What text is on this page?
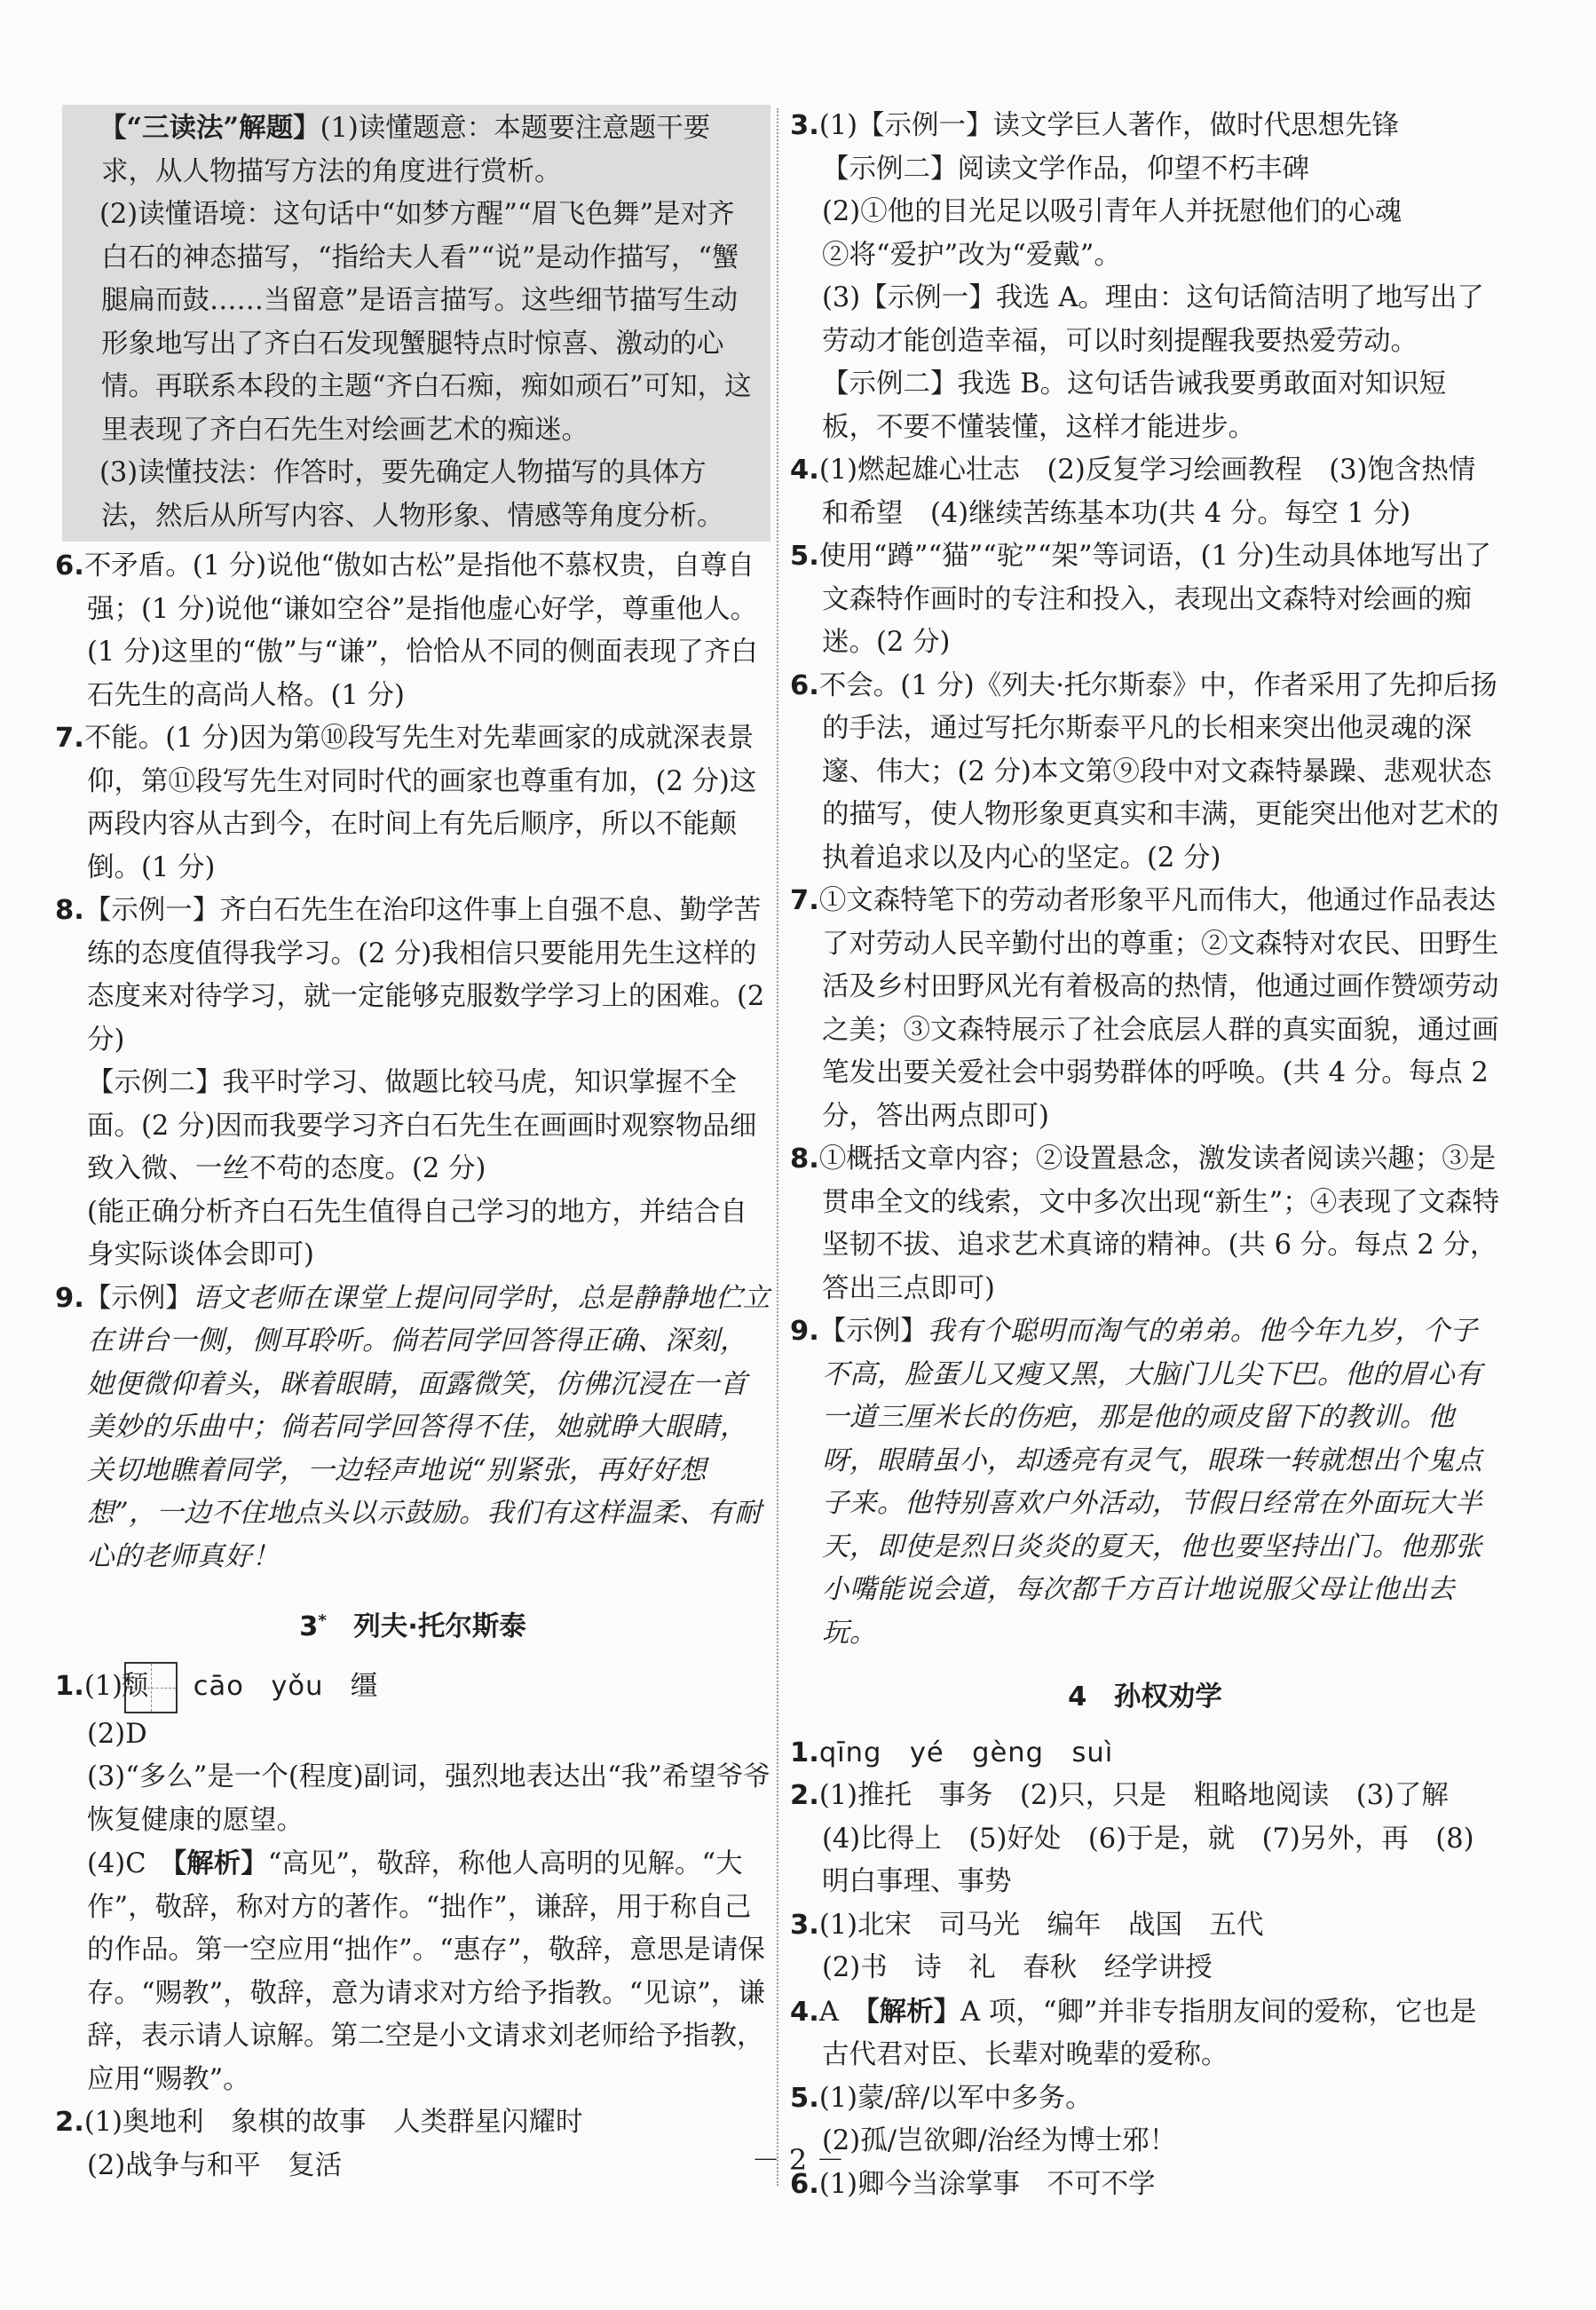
【“三读法”解题】(1)读懂题意：本题要注意题干要求，从人物描写方法的角度进行赏析。

(2)读懂语境：这句话中“如梦方醒”“眉飞色舞”是对齐白石的神态描写，“指给夫人看”“说”是动作描写，“蟹腿扁而鼓……当留意”是语言描写。这些细节描写生动形象地写出了齐白石发现蟹腿特点时惊喜、激动的心情。再联系本段的主题“齐白石痴，痴如顽石”可知，这里表现了齐白石先生对绘画艺术的痴迷。

(3)读懂技法：作答时，要先确定人物描写的具体方法，然后从所写内容、人物形象、情感等角度分析。

6.不矛盾。(1 分)说他“傲如古松”是指他不慕权贵，自尊自强；(1 分)说他“谦如空谷”是指他虚心好学，尊重他人。(1 分)这里的“傲”与“谦”，恰恰从不同的侧面表现了齐白石先生的高尚人格。(1 分)

7.不能。(1 分)因为第⑩段写先生对先辈画家的成就深表景仰，第⑪段写先生对同时代的画家也尊重有加，(2 分)这两段内容从古到今，在时间上有先后顺序，所以不能颠倒。(1 分)

8.【示例一】齐白石先生在治印这件事上自强不息、勤学苦练的态度值得我学习。(2 分)我相信只要能用先生这样的态度来对待学习，就一定能够克服数学学习上的困难。(2 分)

【示例二】我平时学习、做题比较马虎，知识掌握不全面。(2 分)因而我要学习齐白石先生在画画时观察物品细致入微、一丝不苟的态度。(2 分)

(能正确分析齐白石先生值得自己学习的地方，并结合自身实际谈体会即可)

9.【示例】语文老师在课堂上提问同学时，总是静静地伫立在讲台一侧，侧耳聆听。倘若同学回答得正确、深刻，她便微仰着头，眯着眼睛，面露微笑，仿佛沉浸在一首美妙的乐曲中；倘若同学回答得不佳，她就睁大眼睛，关切地瞧着同学，一边轻声地说“别紧张，再好好想想”，一边不住地点头以示鼓励。我们有这样温柔、有耐心的老师真好！

3*　 列夫·托尔斯泰

1.(1)颓 cāo　 yǒu　 缰

(2)D

(3)“多么”是一个(程度)副词，强烈地表达出“我”希望爷爷恢复健康的愿望。

(4)C　 【解析】“高见”，敬辞，称他人高明的见解。“大作”，敬辞，称对方的著作。“拙作”，谦辞，用于称自己的作品。第一空应用“拙作”。“惠存”，敬辞，意思是请保存。“赐教”，敬辞，意为请求对方给予指教。“见谅”，谦辞，表示请人谅解。第二空是小文请求刘老师给予指教，应用“赐教”。

2.(1)奥地利　象棋的故事　人类群星闪耀时

(2)战争与和平　复活

3.(1)【示例一】读文学巨人著作，做时代思想先锋

【示例二】阅读文学作品，仰望不朽丰碑

(2)①他的目光足以吸引青年人并抚慰他们的心魂

②将“爱护”改为“爱戴”。

(3)【示例一】我选 A。理由：这句话简洁明了地写出了劳动才能创造幸福，可以时刻提醒我要热爱劳动。

【示例二】我选 B。这句话告诫我要勇敢面对知识短板，不要不懂装懂，这样才能进步。

4.(1)燃起雄心壮志　(2)反复学习绘画教程　(3)饱含热情和希望　(4)继续苦练基本功(共 4 分。每空 1 分)

5.使用“蹲”“猫”“驼”“架”等词语，(1 分)生动具体地写出了文森特作画时的专注和投入，表现出文森特对绘画的痴迷。(2 分)

6.不会。(1 分)《列夫·托尔斯泰》中，作者采用了先抑后扬的手法，通过写托尔斯泰平凡的长相来突出他灵魂的深邃、伟大；(2 分)本文第⑨段中对文森特暴躁、悲观状态的描写，使人物形象更真实和丰满，更能突出他对艺术的执着追求以及内心的坚定。(2 分)

7.①文森特笔下的劳动者形象平凡而伟大，他通过作品表达了对劳动人民辛勤付出的尊重；②文森特对农民、田野生活及乡村田野风光有着极高的热情，他通过画作赞颂劳动之美；③文森特展示了社会底层人群的真实面貌，通过画笔发出要关爱社会中弱势群体的呼唤。(共 4 分。每点 2 分，答出两点即可)

8.①概括文章内容；②设置悬念，激发读者阅读兴趣；③是贯串全文的线索，文中多次出现“新生”；④表现了文森特坚韧不拔、追求艺术真谛的精神。(共 6 分。每点 2 分，答出三点即可)

9.【示例】我有个聪明而淘气的弟弟。他今年九岁，个子不高，脸蛋儿又瘦又黑，大脑门儿尖下巴。他的眉心有一道三厘米长的伤疤，那是他的顽皮留下的教训。他呀，眼睛虽小，却透亮有灵气，眼珠一转就想出个鬼点子来。他特别喜欢户外活动，节假日经常在外面玩大半天，即使是烈日炎炎的夏天，他也要坚持出门。他那张小嘴能说会道，每次都千方百计地说服父母让他出去玩。

4　 孙权劝学

1.qīng　yé　gèng　suì

2.(1)推托　事务　(2)只，只是　粗略地阅读　(3)了解　(4)比得上　(5)好处　(6)于是，就　(7)另外，再　(8)明白事理、事势

3.(1)北宋　司马光　编年　战国　五代

(2)书　诗　礼　春秋　经学讲授

4.A　 【解析】A 项，“卿”并非专指朋友间的爱称，它也是古代君对臣、长辈对晚辈的爱称。

5.(1)蒙/辞/以军中多务。

(2)孤/岂欲卿/治经为博士邪！

6.(1)卿今当涂掌事　不可不学

－ 2 －
